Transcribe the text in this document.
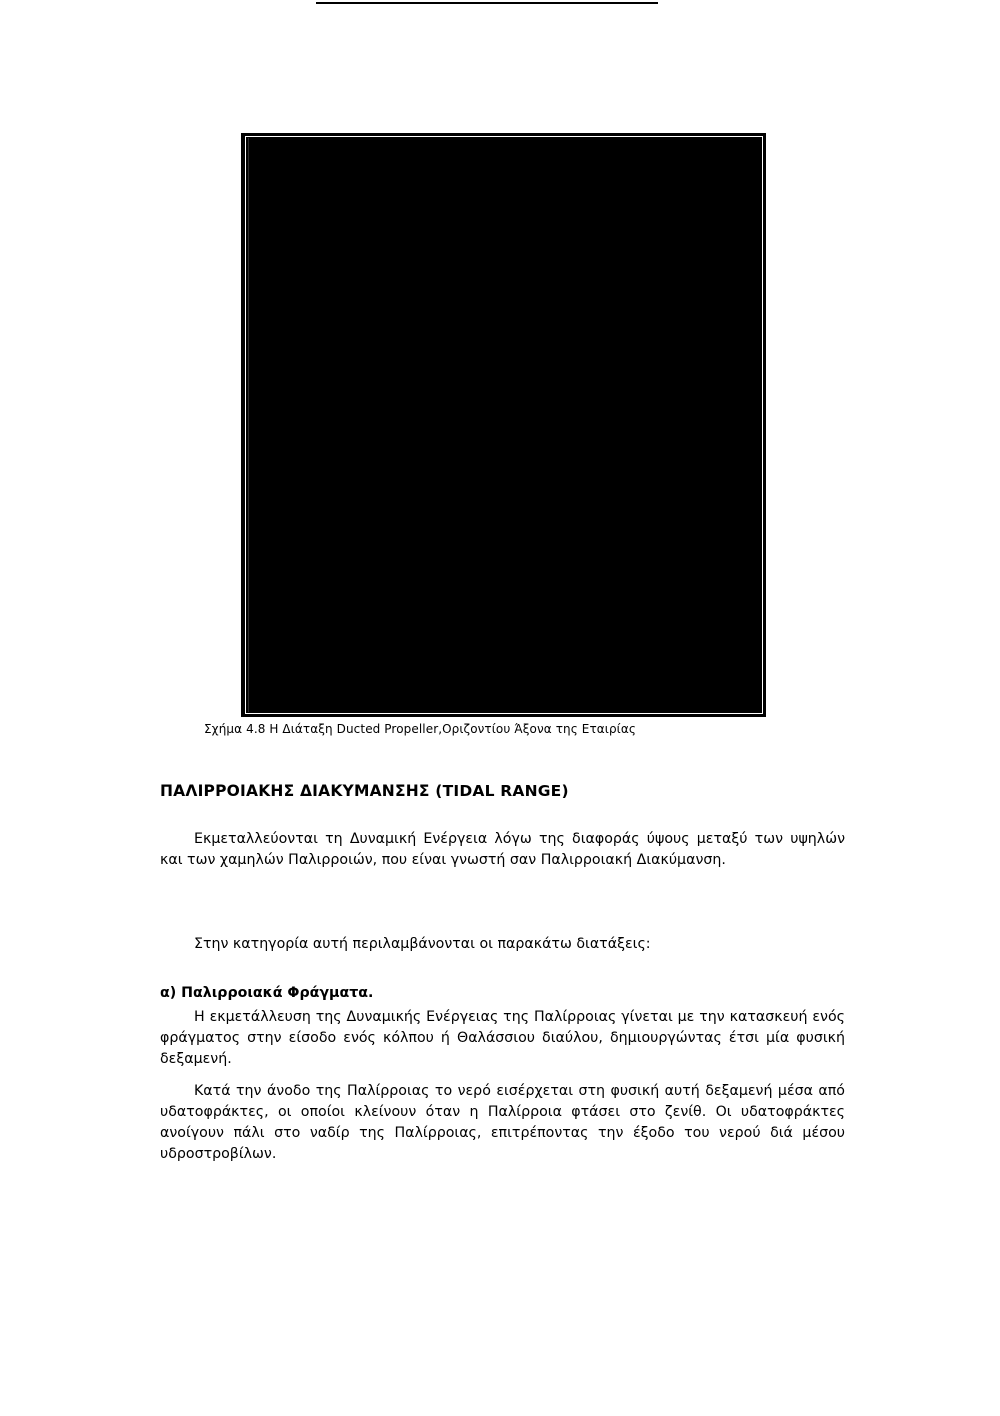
Σχήμα 4.8 Η Διάταξη Ducted Propeller,Οριζοντίου Άξονα της Εταιρίας
ΠΑΛΙΡΡΟΙΑΚΗΣ ΔΙΑΚΥΜΑΝΣΗΣ (TIDAL RANGE)
Εκμεταλλεύονται τη Δυναμική Ενέργεια λόγω της διαφοράς ύψους μεταξύ των υψηλών και των χαμηλών Παλιρροιών, που είναι γνωστή σαν Παλιρροιακή Διακύμανση.
Στην κατηγορία αυτή περιλαμβάνονται οι παρακάτω διατάξεις:
α) Παλιρροιακά Φράγματα.
Η εκμετάλλευση της Δυναμικής Ενέργειας της Παλίρροιας γίνεται με την κατασκευή ενός φράγματος στην είσοδο ενός κόλπου ή Θαλάσσιου διαύλου, δημιουργώντας έτσι μία φυσική δεξαμενή.
Κατά την άνοδο της Παλίρροιας το νερό εισέρχεται στη φυσική αυτή δεξαμενή μέσα από υδατοφράκτες, οι οποίοι κλείνουν όταν η Παλίρροια φτάσει στο ζενίθ. Οι υδατοφράκτες ανοίγουν πάλι στο ναδίρ της Παλίρροιας, επιτρέποντας την έξοδο του νερού διά μέσου υδροστροβίλων.
